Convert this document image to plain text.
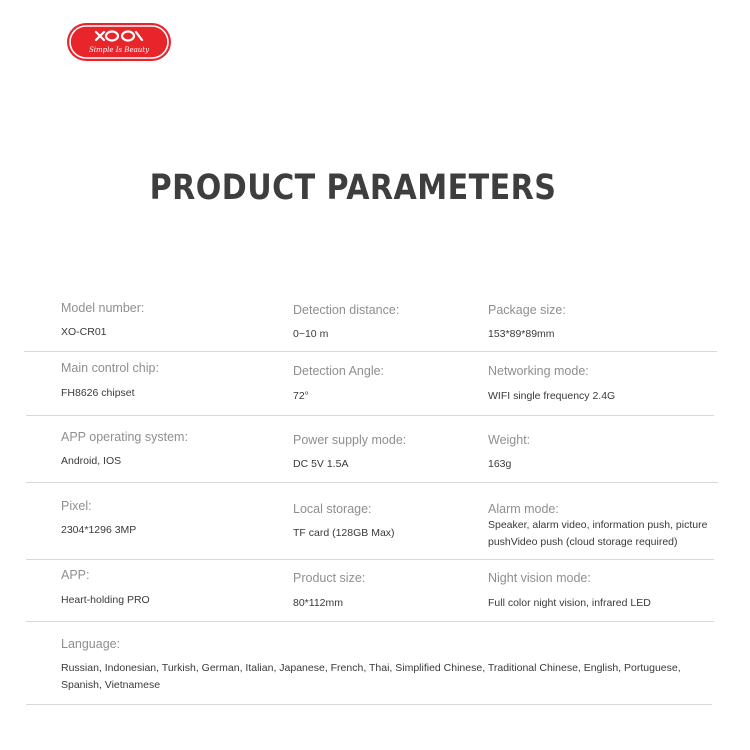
Simple Is Beauty
PRODUCT PARAMETERS
Model number:
XO-CR01
Detection distance:
0~10 m
Package size:
153*89*89mm
Main control chip:
FH8626 chipset
Detection Angle:
72°
Networking mode:
WIFI single frequency 2.4G
APP operating system:
Android, IOS
Power supply mode:
DC 5V 1.5A
Weight:
163g
Pixel:
2304*1296 3MP
Local storage:
TF card (128GB Max)
Alarm mode:
Speaker, alarm video, information push, picture pushVideo push (cloud storage required)
APP:
Heart-holding PRO
Product size:
80*112mm
Night vision mode:
Full color night vision, infrared LED
Language:
Russian, Indonesian, Turkish, German, Italian, Japanese, French, Thai, Simplified Chinese, Traditional Chinese, English, Portuguese, Spanish, Vietnamese
